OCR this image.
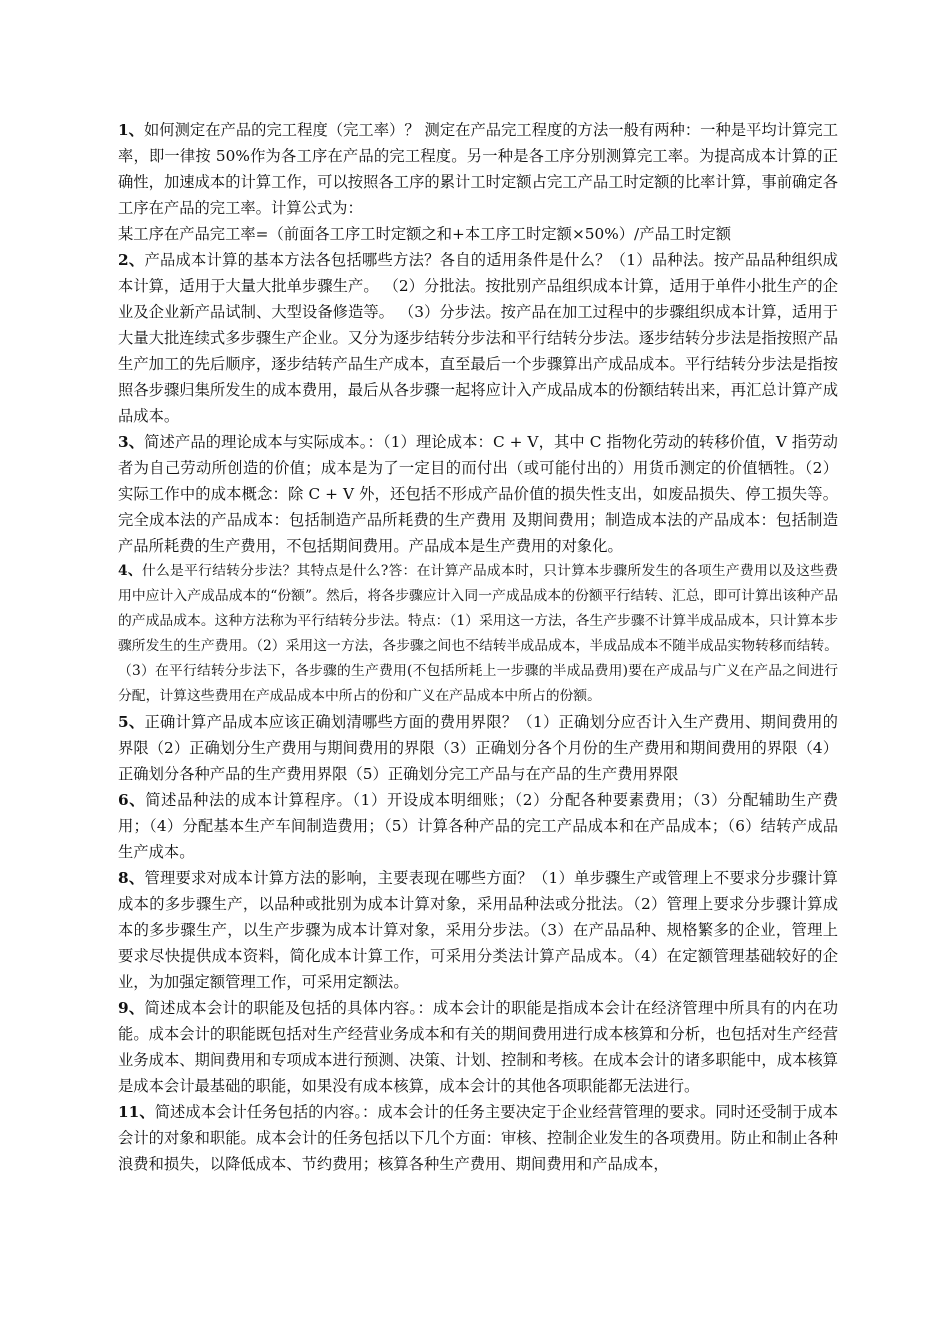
1、如何测定在产品的完工程度（完工率）？ 测定在产品完工程度的方法一般有两种：一种是平均计算完工率，即一律按 50%作为各工序在产品的完工程度。另一种是各工序分别测算完工率。为提高成本计算的正确性，加速成本的计算工作，可以按照各工序的累计工时定额占完工产品工时定额的比率计算，事前确定各工序在产品的完工率。计算公式为：

某工序在产品完工率=（前面各工序工时定额之和+本工序工时定额×50%）/产品工时定额

2、产品成本计算的基本方法各包括哪些方法？各自的适用条件是什么？（1）品种法。按产品品种组织成本计算，适用于大量大批单步骤生产。 （2）分批法。按批别产品组织成本计算，适用于单件小批生产的企业及企业新产品试制、大型设备修造等。 （3）分步法。按产品在加工过程中的步骤组织成本计算，适用于大量大批连续式多步骤生产企业。又分为逐步结转分步法和平行结转分步法。逐步结转分步法是指按照产品生产加工的先后顺序，逐步结转产品生产成本，直至最后一个步骤算出产成品成本。平行结转分步法是指按照各步骤归集所发生的成本费用，最后从各步骤一起将应计入产成品成本的份额结转出来，再汇总计算产成品成本。

3、简述产品的理论成本与实际成本。：（1）理论成本：C + V，其中 C 指物化劳动的转移价值，V 指劳动者为自己劳动所创造的价值；成本是为了一定目的而付出（或可能付出的）用货币测定的价值牺牲。（2）实际工作中的成本概念：除 C + V 外，还包括不形成产品价值的损失性支出，如废品损失、停工损失等。完全成本法的产品成本：包括制造产品所耗费的生产费用 及期间费用；制造成本法的产品成本：包括制造产品所耗费的生产费用，不包括期间费用。产品成本是生产费用的对象化。

4、什么是平行结转分步法？其特点是什么?答：在计算产品成本时，只计算本步骤所发生的各项生产费用以及这些费用中应计入产成品成本的“份额”。然后，将各步骤应计入同一产成品成本的份额平行结转、汇总，即可计算出该种产品的产成品成本。这种方法称为平行结转分步法。特点：（1）采用这一方法，各生产步骤不计算半成品成本，只计算本步骤所发生的生产费用。（2）采用这一方法，各步骤之间也不结转半成品成本，半成品成本不随半成品实物转移而结转。（3）在平行结转分步法下，各步骤的生产费用(不包括所耗上一步骤的半成品费用)要在产成品与广义在产品之间进行分配，计算这些费用在产成品成本中所占的份和广义在产品成本中所占的份额。

5、正确计算产品成本应该正确划清哪些方面的费用界限？（1）正确划分应否计入生产费用、期间费用的界限（2）正确划分生产费用与期间费用的界限（3）正确划分各个月份的生产费用和期间费用的界限（4）正确划分各种产品的生产费用界限（5）正确划分完工产品与在产品的生产费用界限

6、简述品种法的成本计算程序。（1）开设成本明细账；（2）分配各种要素费用；（3）分配辅助生产费用；（4）分配基本生产车间制造费用；（5）计算各种产品的完工产品成本和在产品成本；（6）结转产成品生产成本。

8、管理要求对成本计算方法的影响，主要表现在哪些方面？（1）单步骤生产或管理上不要求分步骤计算成本的多步骤生产，以品种或批别为成本计算对象，采用品种法或分批法。（2）管理上要求分步骤计算成本的多步骤生产，以生产步骤为成本计算对象，采用分步法。（3）在产品品种、规格繁多的企业，管理上要求尽快提供成本资料，简化成本计算工作，可采用分类法计算产品成本。（4）在定额管理基础较好的企业，为加强定额管理工作，可采用定额法。

9、简述成本会计的职能及包括的具体内容。：成本会计的职能是指成本会计在经济管理中所具有的内在功能。成本会计的职能既包括对生产经营业务成本和有关的期间费用进行成本核算和分析，也包括对生产经营业务成本、期间费用和专项成本进行预测、决策、计划、控制和考核。在成本会计的诸多职能中，成本核算是成本会计最基础的职能，如果没有成本核算，成本会计的其他各项职能都无法进行。

11、简述成本会计任务包括的内容。：成本会计的任务主要决定于企业经营管理的要求。同时还受制于成本会计的对象和职能。成本会计的任务包括以下几个方面：审核、控制企业发生的各项费用。防止和制止各种浪费和损失，以降低成本、节约费用；核算各种生产费用、期间费用和产品成本，
